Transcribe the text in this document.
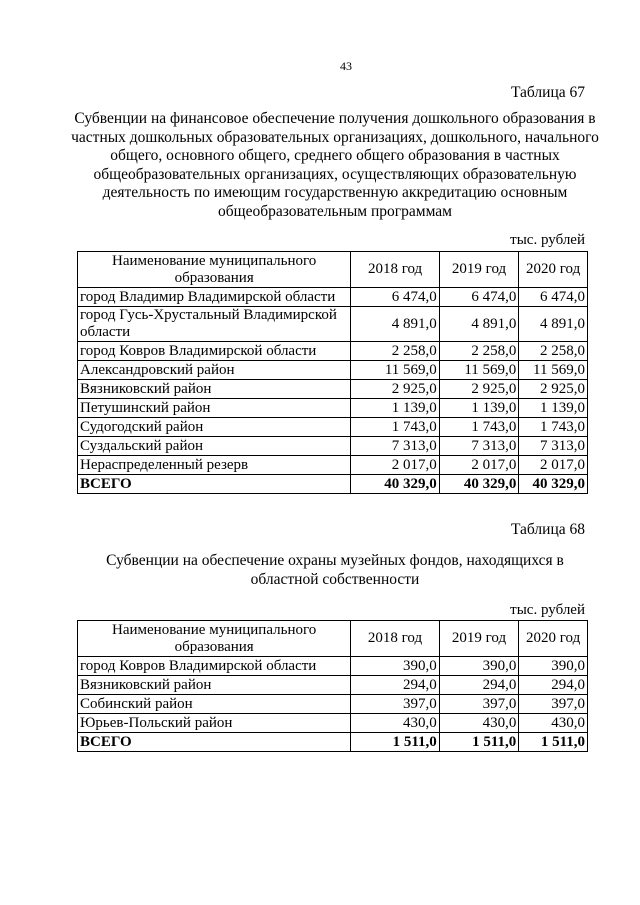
43
Таблица 67
Субвенции на финансовое обеспечение получения дошкольного образования в частных дошкольных образовательных организациях, дошкольного, начального общего, основного общего, среднего общего образования в частных общеобразовательных организациях, осуществляющих образовательную деятельность по имеющим государственную аккредитацию основным общеобразовательным программам
тыс. рублей
Наименование муниципального образования	2018 год	2019 год	2020 год
город Владимир Владимирской области	6 474,0	6 474,0	6 474,0
город Гусь-Хрустальный Владимирской области	4 891,0	4 891,0	4 891,0
город Ковров Владимирской области	2 258,0	2 258,0	2 258,0
Александровский район	11 569,0	11 569,0	11 569,0
Вязниковский район	2 925,0	2 925,0	2 925,0
Петушинский район	1 139,0	1 139,0	1 139,0
Судогодский район	1 743,0	1 743,0	1 743,0
Суздальский район	7 313,0	7 313,0	7 313,0
Нераспределенный резерв	2 017,0	2 017,0	2 017,0
ВСЕГО	40 329,0	40 329,0	40 329,0
Таблица 68
Субвенции на обеспечение охраны музейных фондов, находящихся в областной собственности
тыс. рублей
Наименование муниципального образования	2018 год	2019 год	2020 год
город Ковров Владимирской области	390,0	390,0	390,0
Вязниковский район	294,0	294,0	294,0
Собинский район	397,0	397,0	397,0
Юрьев-Польский район	430,0	430,0	430,0
ВСЕГО	1 511,0	1 511,0	1 511,0
